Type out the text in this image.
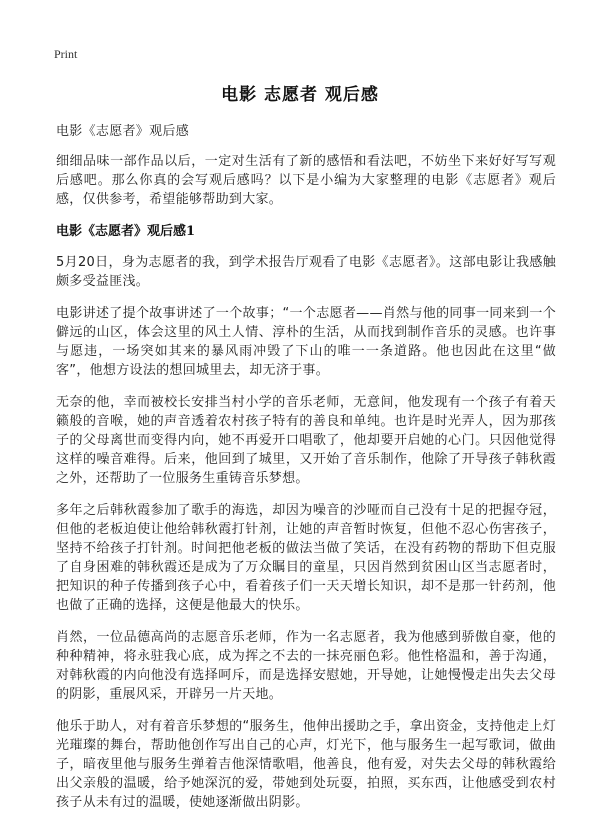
Print
电影 志愿者 观后感

电影《志愿者》观后感

细细品味一部作品以后，一定对生活有了新的感悟和看法吧，不妨坐下来好好写写观后感吧。那么你真的会写观后感吗？以下是小编为大家整理的电影《志愿者》观后感，仅供参考，希望能够帮助到大家。

电影《志愿者》观后感1

5月20日，身为志愿者的我，到学术报告厅观看了电影《志愿者》。这部电影让我感触颇多受益匪浅。

电影讲述了提个故事讲述了一个故事；“一个志愿者——肖然与他的同事一同来到一个僻远的山区，体会这里的风土人情、淳朴的生活，从而找到制作音乐的灵感。也许事与愿违，一场突如其来的暴风雨冲毁了下山的唯一一条道路。他也因此在这里“做客”，他想方设法的想回城里去，却无济于事。

无奈的他，幸而被校长安排当村小学的音乐老师，无意间，他发现有一个孩子有着天籁般的音喉，她的声音透着农村孩子特有的善良和单纯。也许是时光弄人，因为那孩子的父母离世而变得内向，她不再爱开口唱歌了，他却要开启她的心门。只因他觉得这样的噪音难得。后来，他回到了城里，又开始了音乐制作，他除了开导孩子韩秋霞之外，还帮助了一位服务生重铸音乐梦想。

多年之后韩秋霞参加了歌手的海选，却因为噪音的沙哑而自己没有十足的把握夺冠，但他的老板迫使让他给韩秋霞打针剂，让她的声音暂时恢复，但他不忍心伤害孩子，坚持不给孩子打针剂。时间把他老板的做法当做了笑话，在没有药物的帮助下但克服了自身困难的韩秋霞还是成为了万众瞩目的童星，只因肖然到贫困山区当志愿者时，把知识的种子传播到孩子心中，看着孩子们一天天增长知识，却不是那一针药剂，他也做了正确的选择，这便是他最大的快乐。

肖然，一位品德高尚的志愿音乐老师，作为一名志愿者，我为他感到骄傲自豪，他的种种精神，将永驻我心底，成为挥之不去的一抹亮丽色彩。他性格温和，善于沟通，对韩秋霞的内向他没有选择呵斥，而是选择安慰她，开导她，让她慢慢走出失去父母的阴影，重展风采，开辟另一片天地。

他乐于助人，对有着音乐梦想的“服务生，他伸出援助之手，拿出资金，支持他走上灯光璀璨的舞台，帮助他创作写出自己的心声，灯光下，他与服务生一起写歌词，做曲子，暗夜里他与服务生弹着吉他深情歌唱，他善良，他有爱，对失去父母的韩秋霞给出父亲般的温暖，给予她深沉的爱，带她到处玩耍，拍照，买东西，让他感受到农村孩子从未有过的温暖，使她逐渐做出阴影。
